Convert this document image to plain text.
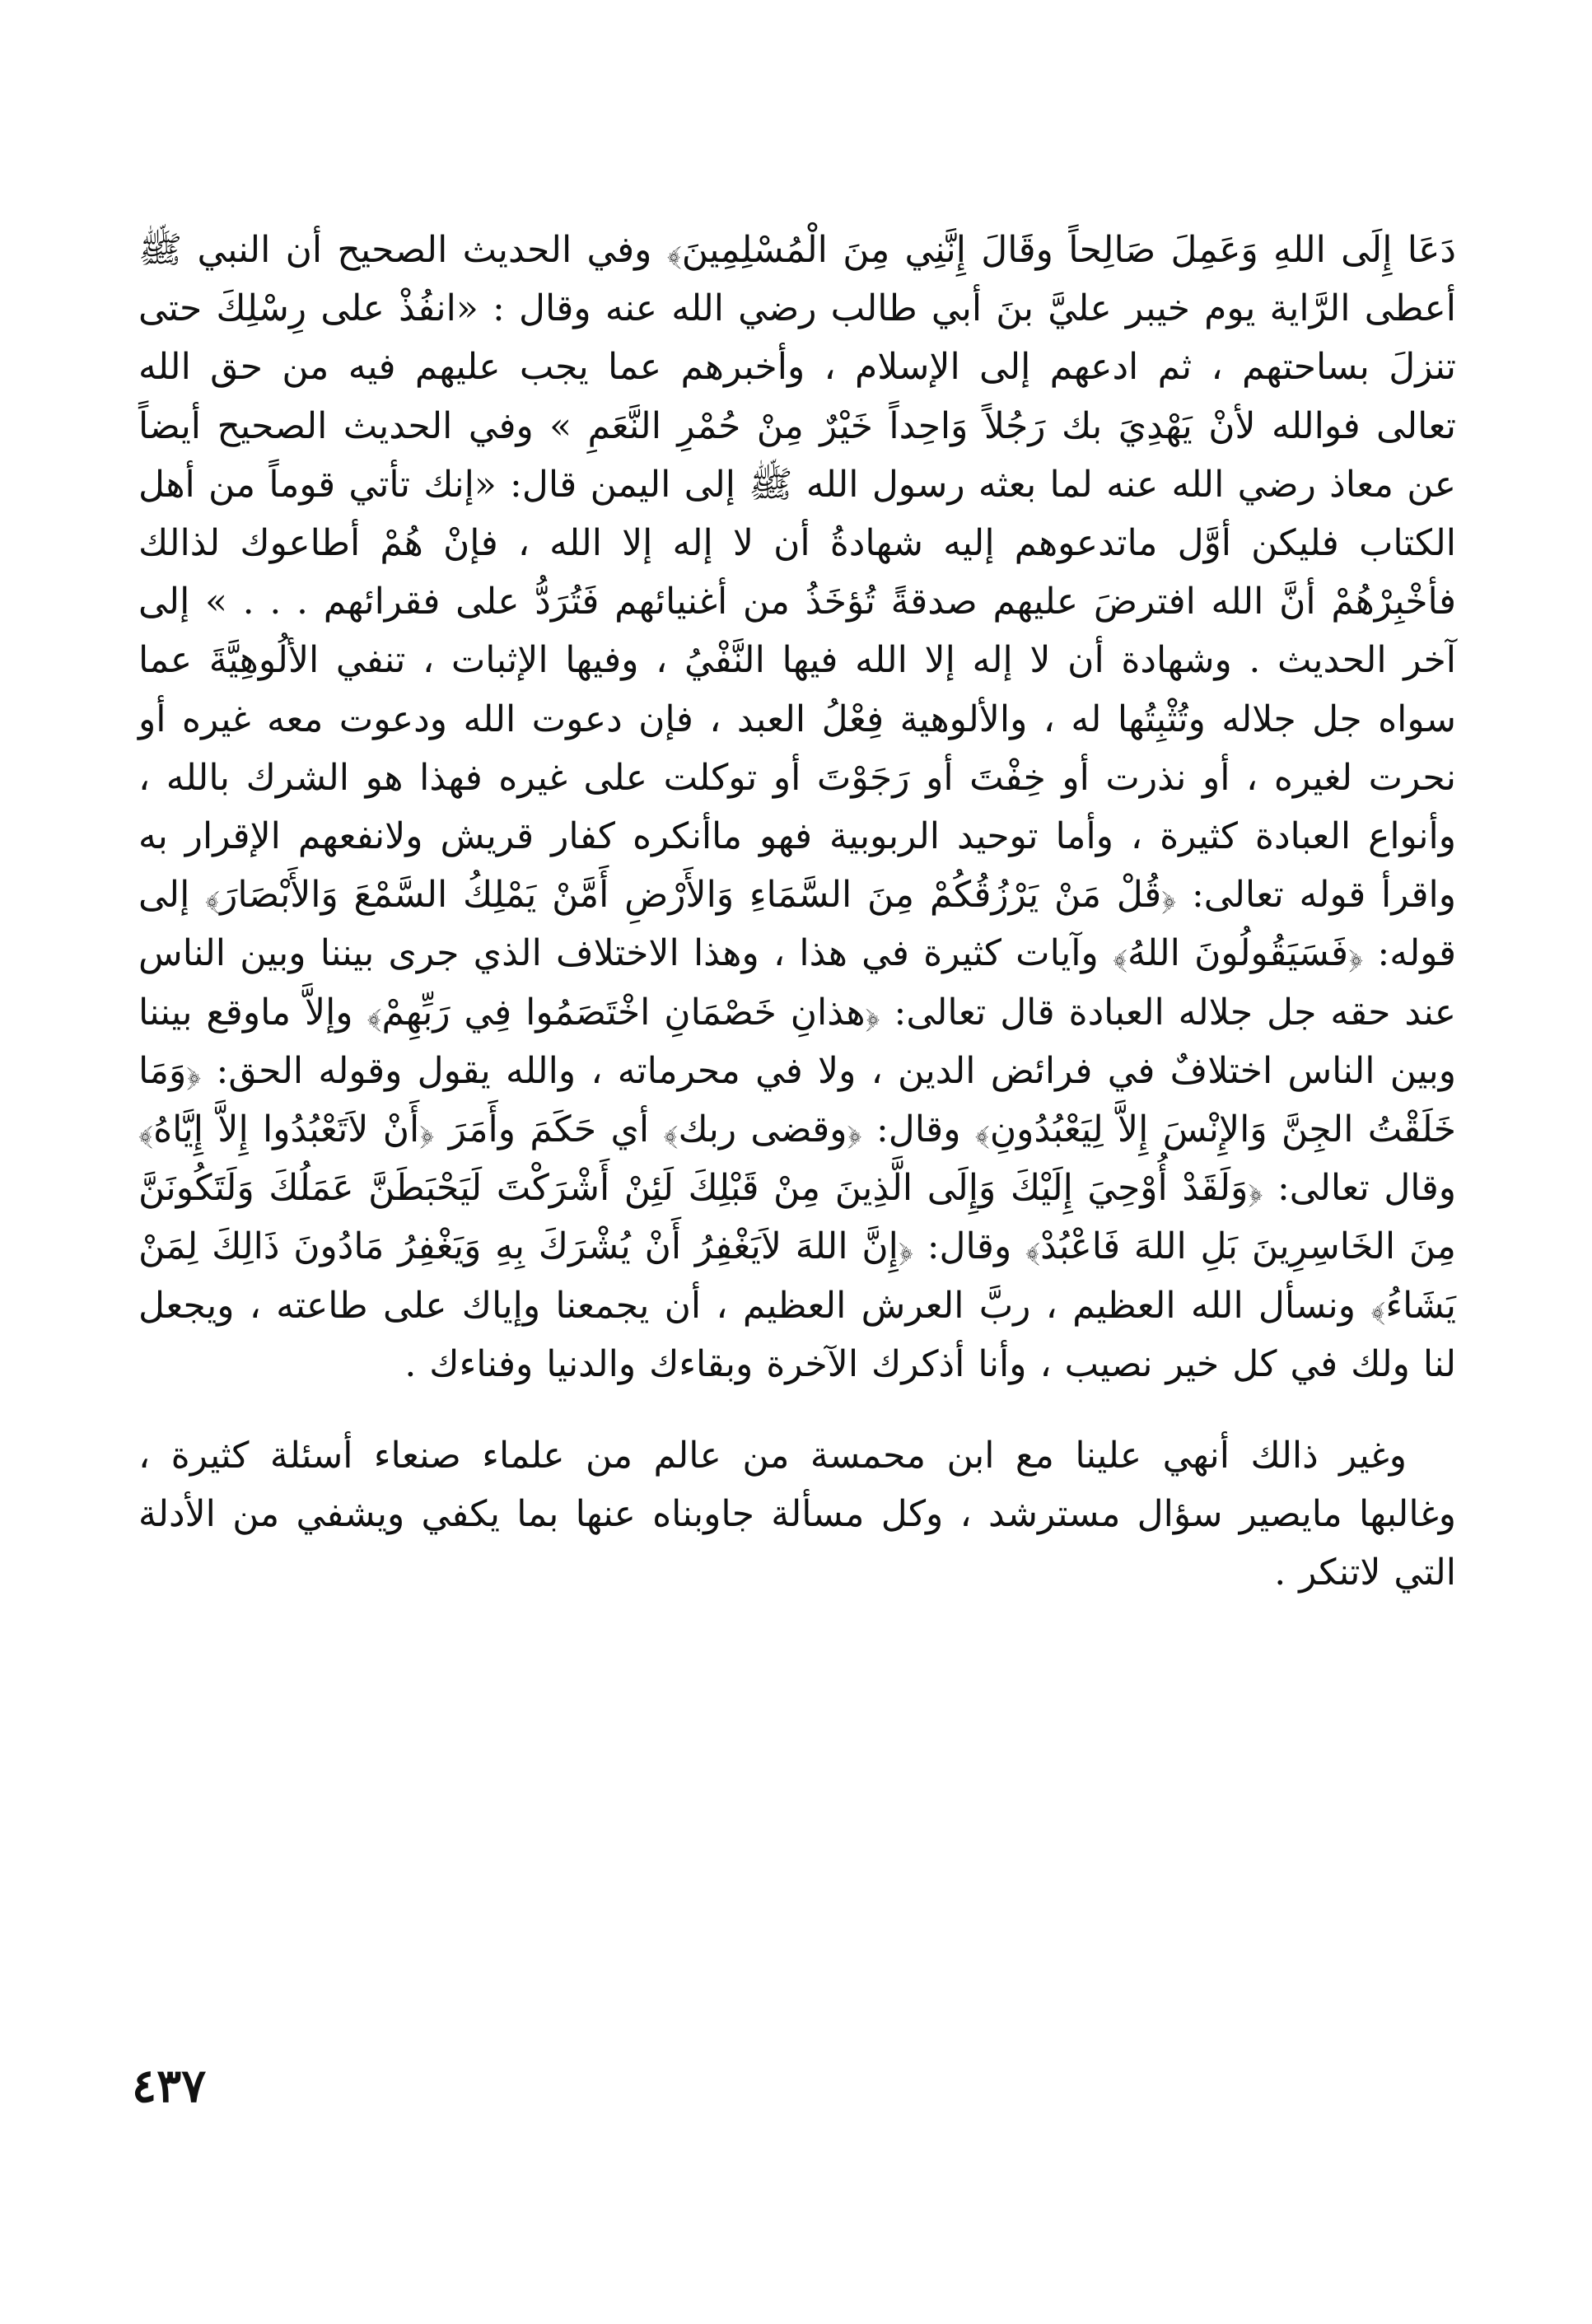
دَعَا إِلَى اللهِ وَعَمِلَ صَالِحاً وقَالَ إِنَّنِي مِنَ الْمُسْلِمِينَ﴾ وفي الحديث الصحيح أن النبي ﷺ أعطى الرَّاية يوم خيبر عليَّ بنَ أبي طالب رضي الله عنه وقال : «انفُذْ على رِسْلِكَ حتى تنزلَ بساحتهم ، ثم ادعهم إلى الإسلام ، وأخبرهم عما يجب عليهم فيه من حق الله تعالى فوالله لأنْ يَهْدِيَ بك رَجُلاً وَاحِداً خَيْرٌ مِنْ حُمْرِ النَّعَمِ » وفي الحديث الصحيح أيضاً عن معاذ رضي الله عنه لما بعثه رسول الله ﷺ إلى اليمن قال: «إنك تأتي قوماً من أهل الكتاب فليكن أوَّل ماتدعوهم إليه شهادةُ أن لا إله إلا الله ، فإنْ هُمْ أطاعوك لذالك فأخْبِرْهُمْ أنَّ الله افترضَ عليهم صدقةً تُؤخَذُ من أغنيائهم فَتُرَدُّ على فقرائهم . . . » إلى آخر الحديث . وشهادة أن لا إله إلا الله فيها النَّفْيُ ، وفيها الإثبات ، تنفي الألُوهِيَّةَ عما سواه جل جلاله وتُثْبِتُها له ، والألوهية فِعْلُ العبد ، فإن دعوت الله ودعوت معه غيره أو نحرت لغيره ، أو نذرت أو خِفْتَ أو رَجَوْتَ أو توكلت على غيره فهذا هو الشرك بالله ، وأنواع العبادة كثيرة ، وأما توحيد الربوبية فهو ماأنكره كفار قريش ولانفعهم الإقرار به واقرأ قوله تعالى: ﴿قُلْ مَنْ يَرْزُقُكُمْ مِنَ السَّمَاءِ وَالأَرْضِ أَمَّنْ يَمْلِكُ السَّمْعَ وَالأَبْصَارَ﴾ إلى قوله: ﴿فَسَيَقُولُونَ اللهُ﴾ وآيات كثيرة في هذا ، وهذا الاختلاف الذي جرى بيننا وبين الناس عند حقه جل جلاله العبادة قال تعالى: ﴿هذانِ خَصْمَانِ اخْتَصَمُوا فِي رَبِّهِمْ﴾ وإلاَّ ماوقع بيننا وبين الناس اختلافٌ في فرائض الدين ، ولا في محرماته ، والله يقول وقوله الحق: ﴿وَمَا خَلَقْتُ الجِنَّ وَالإِنْسَ إِلاَّ لِيَعْبُدُونِ﴾ وقال: ﴿وقضى ربك﴾ أي حَكَمَ وأَمَرَ ﴿أَنْ لاَتَعْبُدُوا إِلاَّ إِيَّاهُ﴾ وقال تعالى: ﴿وَلَقَدْ أُوْحِيَ إِلَيْكَ وَإِلَى الَّذِينَ مِنْ قَبْلِكَ لَئِنْ أَشْرَكْتَ لَيَحْبَطَنَّ عَمَلُكَ وَلَتَكُونَنَّ مِنَ الخَاسِرِينَ بَلِ اللهَ فَاعْبُدْ﴾ وقال: ﴿إِنَّ اللهَ لاَيَغْفِرُ أَنْ يُشْرَكَ بِهِ وَيَغْفِرُ مَادُونَ ذَالِكَ لِمَنْ يَشَاءُ﴾ ونسأل الله العظيم ، ربَّ العرش العظيم ، أن يجمعنا وإياك على طاعته ، ويجعل لنا ولك في كل خير نصيب ، وأنا أذكرك الآخرة وبقاءك والدنيا وفناءك .

وغير ذالك أنهي علينا مع ابن محمسة من عالم من علماء صنعاء أسئلة كثيرة ، وغالبها مايصير سؤال مسترشد ، وكل مسألة جاوبناه عنها بما يكفي ويشفي من الأدلة التي لاتنكر .

٤٣٧
